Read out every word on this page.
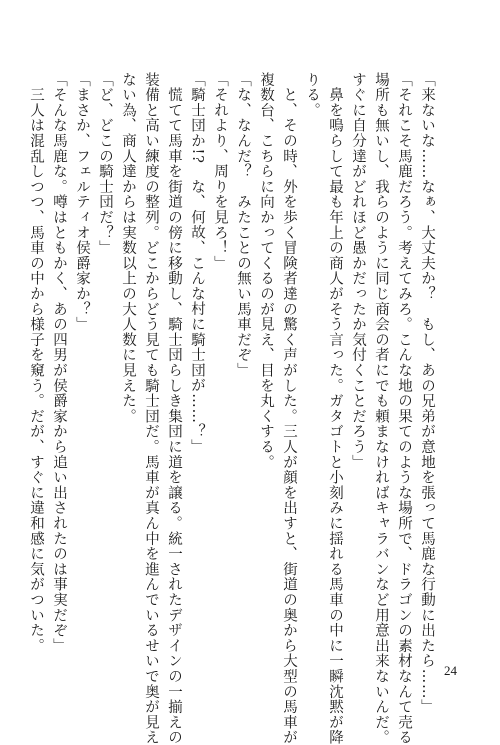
「来ないな……なぁ、大丈夫か？　もし、あの兄弟が意地を張って馬鹿な行動に出たら……」
「それこそ馬鹿だろう。考えてみろ。こんな地の果てのような場所で、ドラゴンの素材なんて売る
場所も無いし、我らのように同じ商会の者にでも頼まなければキャラバンなど用意出来ないんだ。
すぐに自分達がどれほど愚かだったか気付くことだろう」
　鼻を鳴らして最も年上の商人がそう言った。ガタゴトと小刻みに揺れる馬車の中に一瞬沈黙が降
りる。
　と、その時、外を歩く冒険者達の驚く声がした。三人が顔を出すと、街道の奥から大型の馬車が
複数台、こちらに向かってくるのが見え、目を丸くする。
「な、なんだ？　みたことの無い馬車だぞ」
「それより、周りを見ろ！」
「騎士団か!?　な、何故、こんな村に騎士団が……？」
　慌てて馬車を街道の傍に移動し、騎士団らしき集団に道を譲る。統一されたデザインの一揃えの
装備と高い練度の整列。どこからどう見ても騎士団だ。馬車が真ん中を進んでいるせいで奥が見え
ない為、商人達からは実数以上の大人数に見えた。
「ど、どこの騎士団だ？」
「まさか、フェルティオ侯爵家か？」
「そんな馬鹿な。噂はともかく、あの四男が侯爵家から追い出されたのは事実だぞ」
　三人は混乱しつつ、馬車の中から様子を窺う。だが、すぐに違和感に気がついた。
24
